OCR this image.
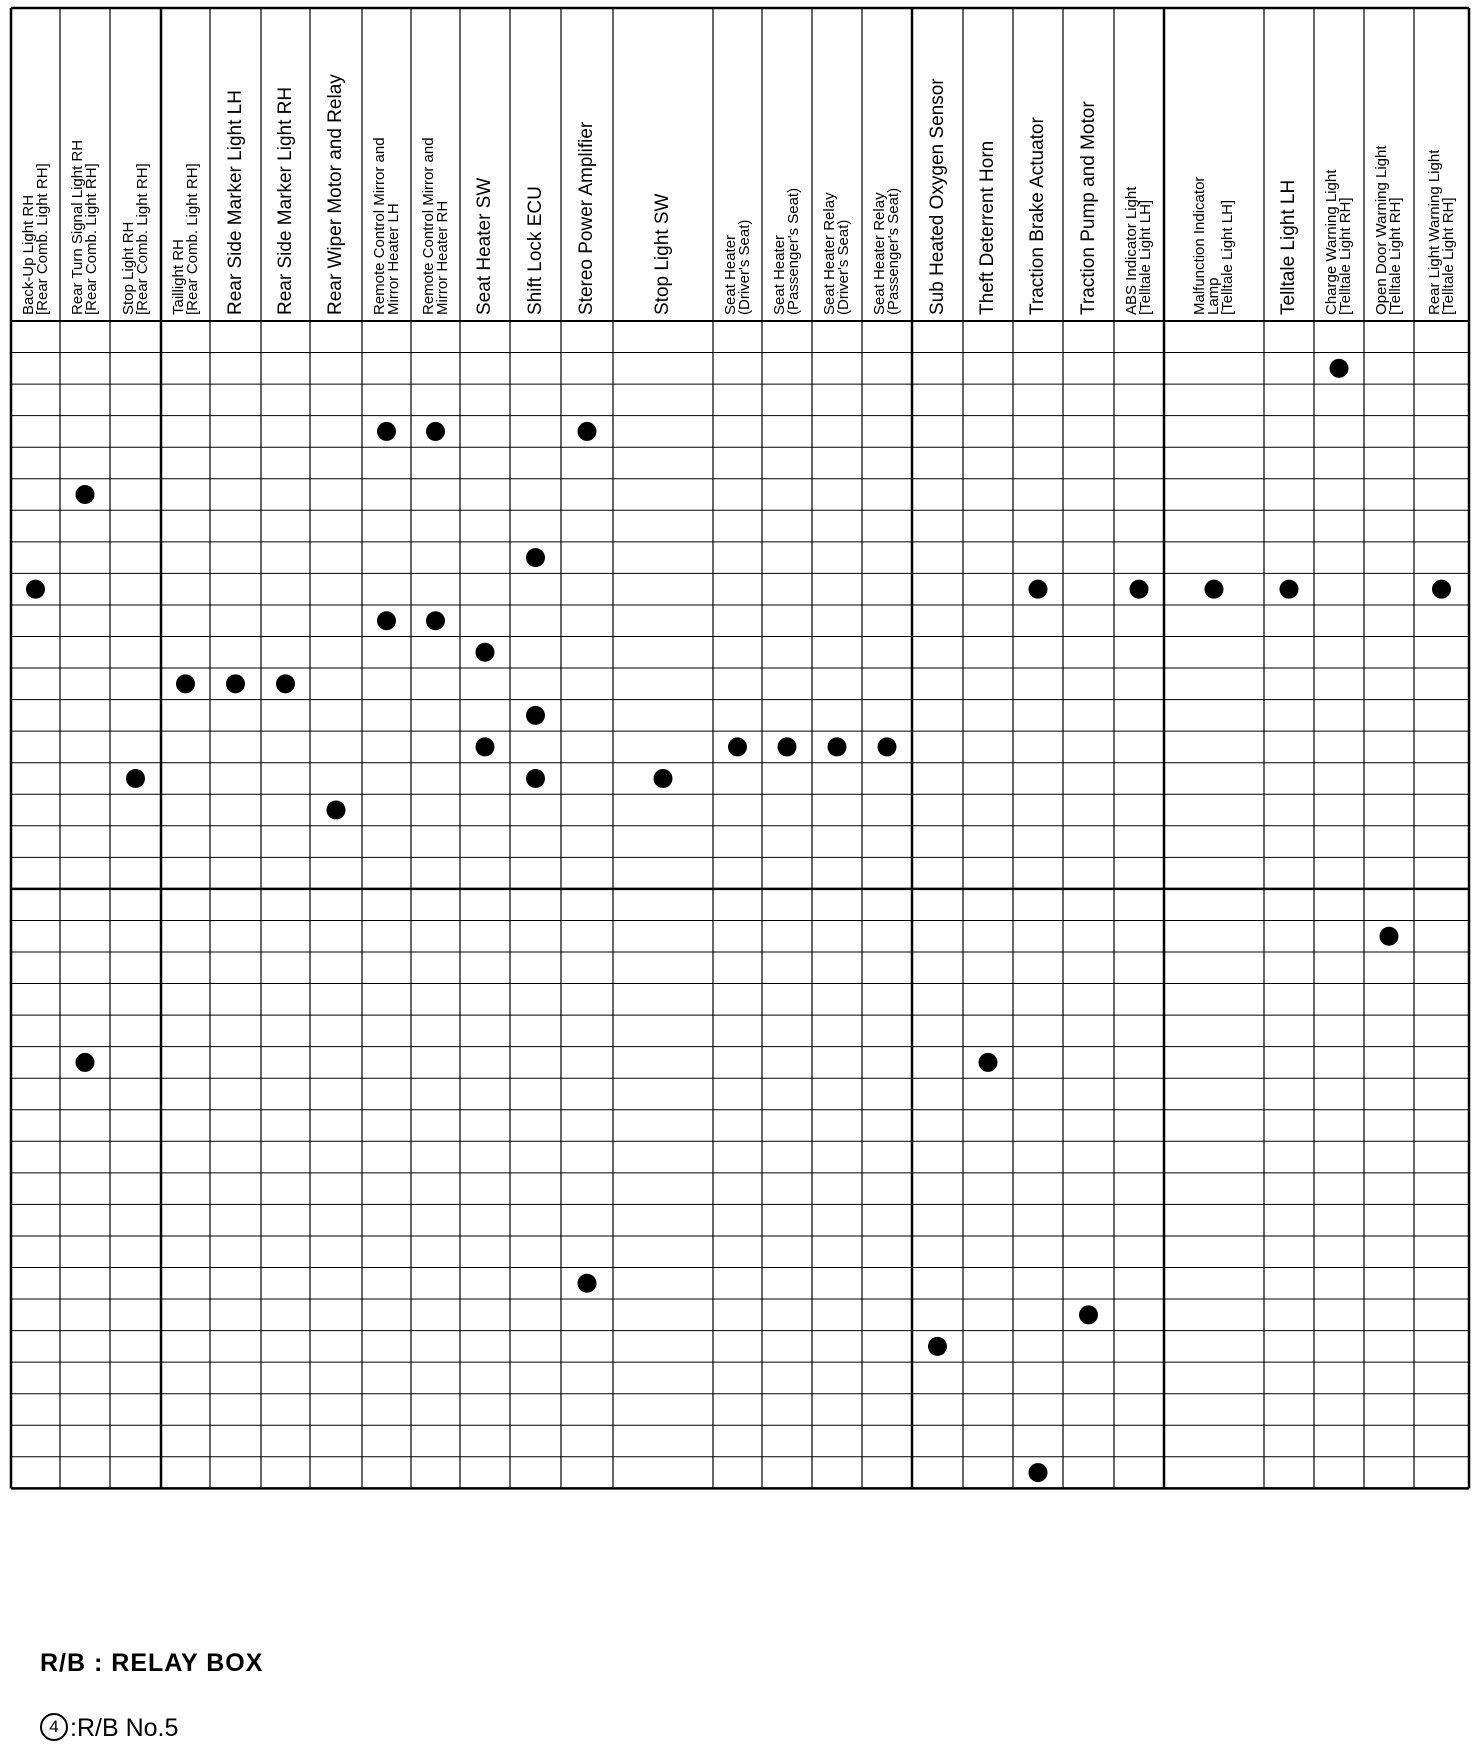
Back-Up Light RH
[Rear Comb. Light RH] Rear Turn Signal Light RH
[Rear Comb. Light RH] Stop Light RH
[Rear Comb. Light RH] Taillight RH
[Rear Comb. Light RH] Rear Side Marker Light LH Rear Side Marker Light RH Rear Wiper Motor and Relay Remote Control Mirror and
Mirror Heater LH Remote Control Mirror and
Mirror Heater RH Seat Heater SW Shift Lock ECU Stereo Power Amplifier	Stop Light SW	Seat Heater
(Driver's Seat) Seat Heater
(Passenger's Seat) Seat Heater Relay
(Driver's Seat) Seat Heater Relay
(Passenger's Seat) Sub Heated Oxygen Sensor Theft Deterrent Horn Traction Brake Actuator Traction Pump and Motor ABS Indicator Light
[Telltale Light LH] Malfunction Indicator
Lamp
[Telltale Light LH] Telltale Light LH Charge Warning Light
[Telltale Light RH] Open Door Warning Light
[Telltale Light RH] Rear Light Warning Light
[Telltale Light RH]
R/B : RELAY BOX
4 :R/B No.5
